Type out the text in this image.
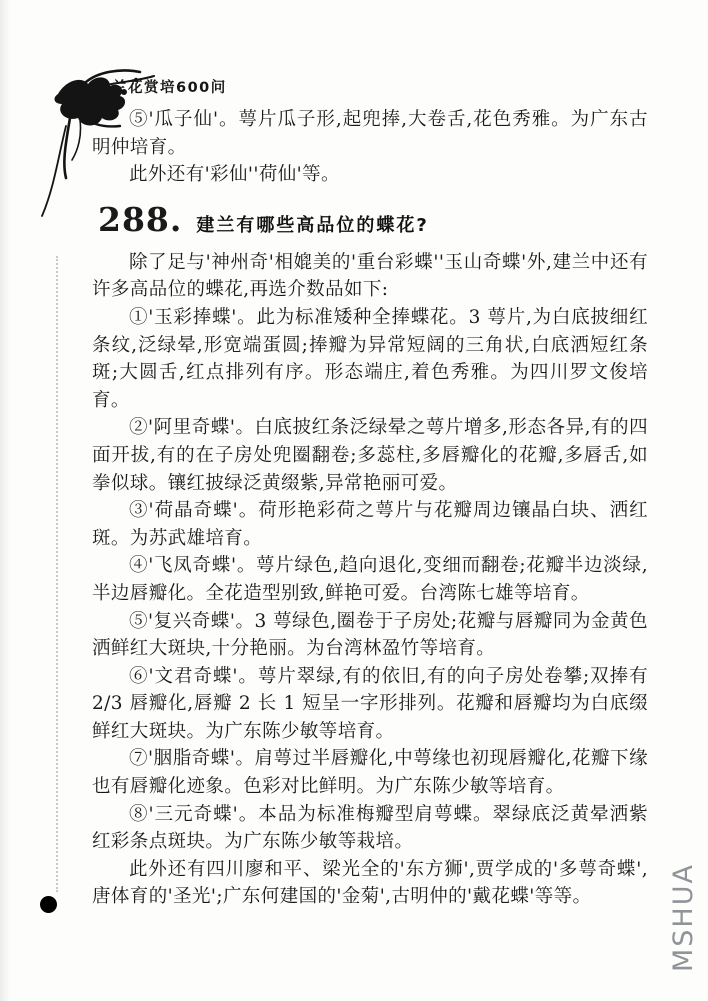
兰花赏培600问

⑤'瓜子仙'。萼片瓜子形,起兜捧,大卷舌,花色秀雅。为广东古明仲培育。

此外还有'彩仙''荷仙'等。

288. 建兰有哪些高品位的蝶花?

除了足与'神州奇'相媲美的'重台彩蝶''玉山奇蝶'外,建兰中还有许多高品位的蝶花,再选介数品如下:

①'玉彩捧蝶'。此为标准矮种全捧蝶花。3 萼片,为白底披细红条纹,泛绿晕,形宽端蛋圆;捧瓣为异常短阔的三角状,白底洒短红条斑;大圆舌,红点排列有序。形态端庄,着色秀雅。为四川罗文俊培育。

②'阿里奇蝶'。白底披红条泛绿晕之萼片增多,形态各异,有的四面开拔,有的在子房处兜圈翻卷;多蕊柱,多唇瓣化的花瓣,多唇舌,如拳似球。镶红披绿泛黄缀紫,异常艳丽可爱。

③'荷晶奇蝶'。荷形艳彩荷之萼片与花瓣周边镶晶白块、洒红斑。为苏武雄培育。

④'飞凤奇蝶'。萼片绿色,趋向退化,变细而翻卷;花瓣半边淡绿,半边唇瓣化。全花造型别致,鲜艳可爱。台湾陈七雄等培育。

⑤'复兴奇蝶'。3 萼绿色,圈卷于子房处;花瓣与唇瓣同为金黄色洒鲜红大斑块,十分艳丽。为台湾林盈竹等培育。

⑥'文君奇蝶'。萼片翠绿,有的依旧,有的向子房处卷攀;双捧有 2/3 唇瓣化,唇瓣 2 长 1 短呈一字形排列。花瓣和唇瓣均为白底缀鲜红大斑块。为广东陈少敏等培育。

⑦'胭脂奇蝶'。肩萼过半唇瓣化,中萼缘也初现唇瓣化,花瓣下缘也有唇瓣化迹象。色彩对比鲜明。为广东陈少敏等培育。

⑧'三元奇蝶'。本品为标准梅瓣型肩萼蝶。翠绿底泛黄晕洒紫红彩条点斑块。为广东陈少敏等栽培。

此外还有四川廖和平、梁光全的'东方狮',贾学成的'多萼奇蝶',唐体育的'圣光';广东何建国的'金菊',古明仲的'戴花蝶'等等。	MSHUA
